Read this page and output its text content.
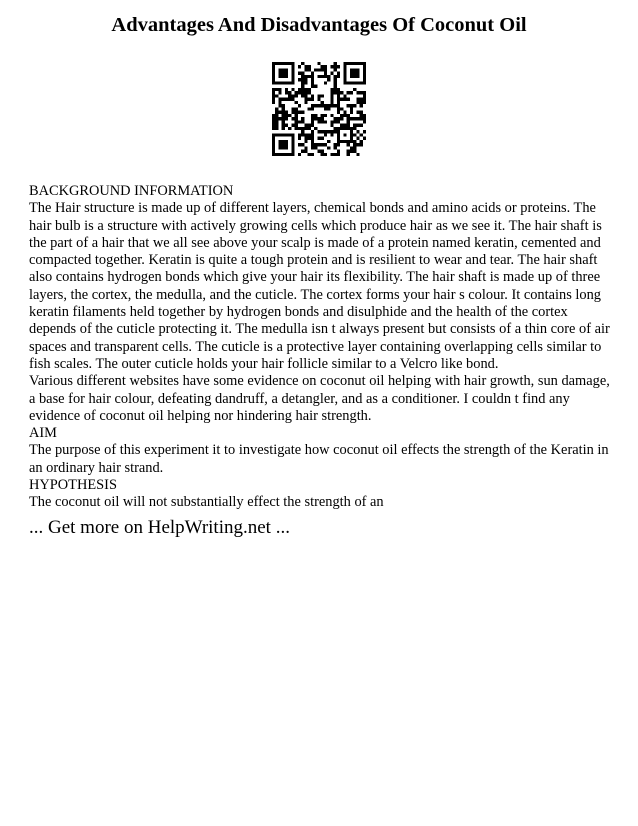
Advantages And Disadvantages Of Coconut Oil

BACKGROUND INFORMATION

The Hair structure is made up of different layers, chemical bonds and amino acids or proteins. The hair bulb is a structure with actively growing cells which produce hair as we see it. The hair shaft is the part of a hair that we all see above your scalp is made of a protein named keratin, cemented and compacted together. Keratin is quite a tough protein and is resilient to wear and tear. The hair shaft also contains hydrogen bonds which give your hair its flexibility. The hair shaft is made up of three layers, the cortex, the medulla, and the cuticle. The cortex forms your hair s colour. It contains long keratin filaments held together by hydrogen bonds and disulphide and the health of the cortex depends of the cuticle protecting it. The medulla isn t always present but consists of a thin core of air spaces and transparent cells. The cuticle is a protective layer containing overlapping cells similar to fish scales. The outer cuticle holds your hair follicle similar to a Velcro like bond.

Various different websites have some evidence on coconut oil helping with hair growth, sun damage, a base for hair colour, defeating dandruff, a detangler, and as a conditioner. I couldn t find any evidence of coconut oil helping nor hindering hair strength.

AIM

The purpose of this experiment it to investigate how coconut oil effects the strength of the Keratin in an ordinary hair strand.

HYPOTHESIS

The coconut oil will not substantially effect the strength of an

... Get more on HelpWriting.net ...
